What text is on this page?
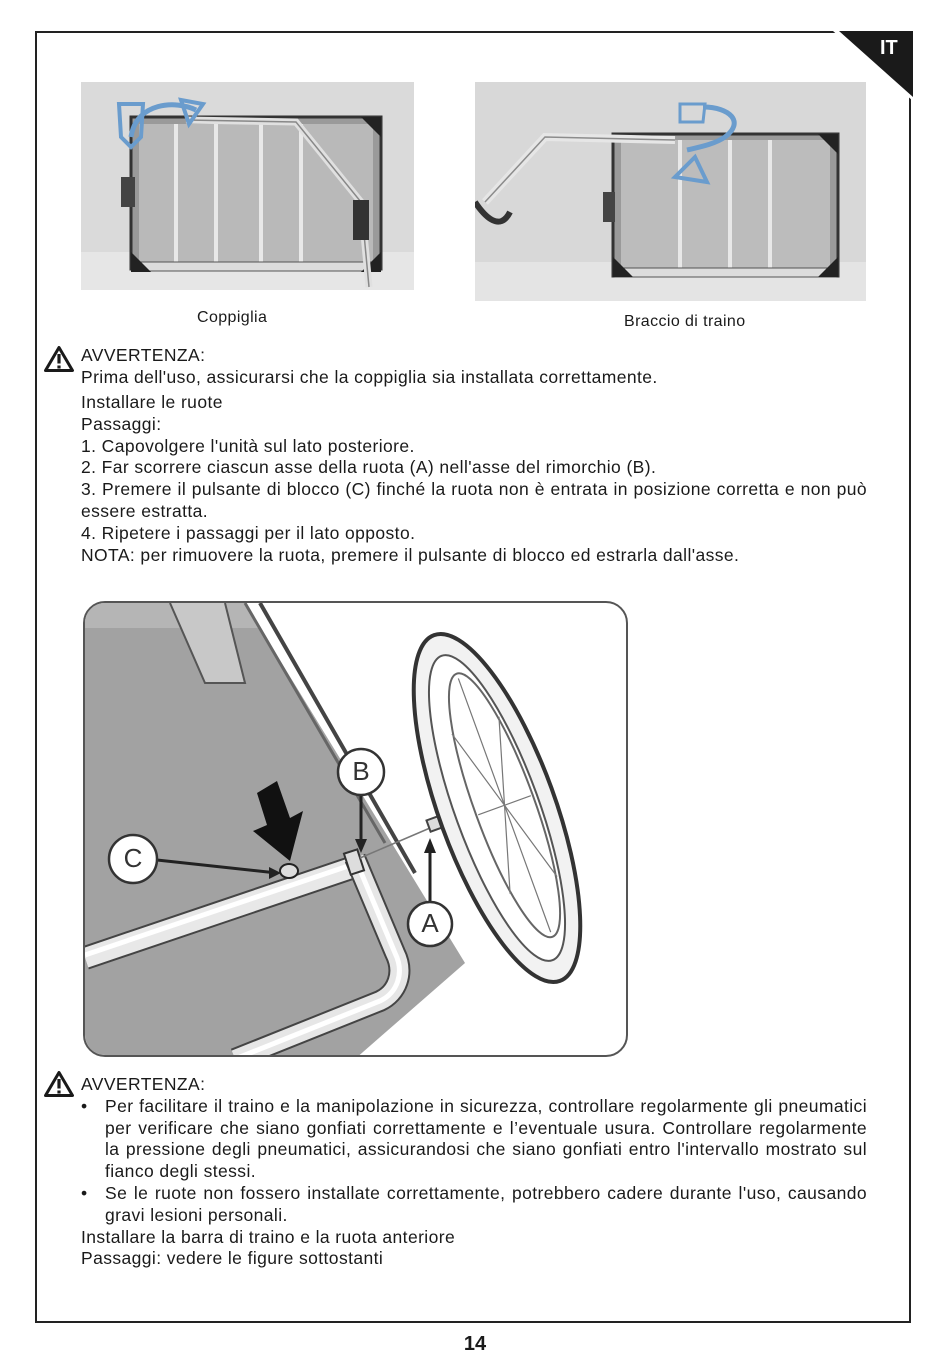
IT
Coppiglia	Braccio di traino

AVVERTENZA:

Prima dell'uso, assicurarsi che la coppiglia sia installata correttamente.

Installare le ruote

Passaggi:

1. Capovolgere l'unità sul lato posteriore.

2. Far scorrere ciascun asse della ruota (A) nell'asse del rimorchio (B).

3. Premere il pulsante di blocco (C) finché la ruota non è entrata in posizione corretta e non può essere estratta.

4. Ripetere i passaggi per il lato opposto.

NOTA: per rimuovere la ruota, premere il pulsante di blocco ed estrarla dall'asse.

C
B
A

AVVERTENZA:

• Per facilitare il traino e la manipolazione in sicurezza, controllare regolarmente gli pneumatici per verificare che siano gonfiati correttamente e l’eventuale usura. Controllare regolarmente la pressione degli pneumatici, assicurandosi che siano gonfiati entro l'intervallo mostrato sul fianco degli stessi.
• Se le ruote non fossero installate correttamente, potrebbero cadere durante l'uso, causando gravi lesioni personali.

Installare la barra di traino e la ruota anteriore

Passaggi: vedere le figure sottostanti

14
